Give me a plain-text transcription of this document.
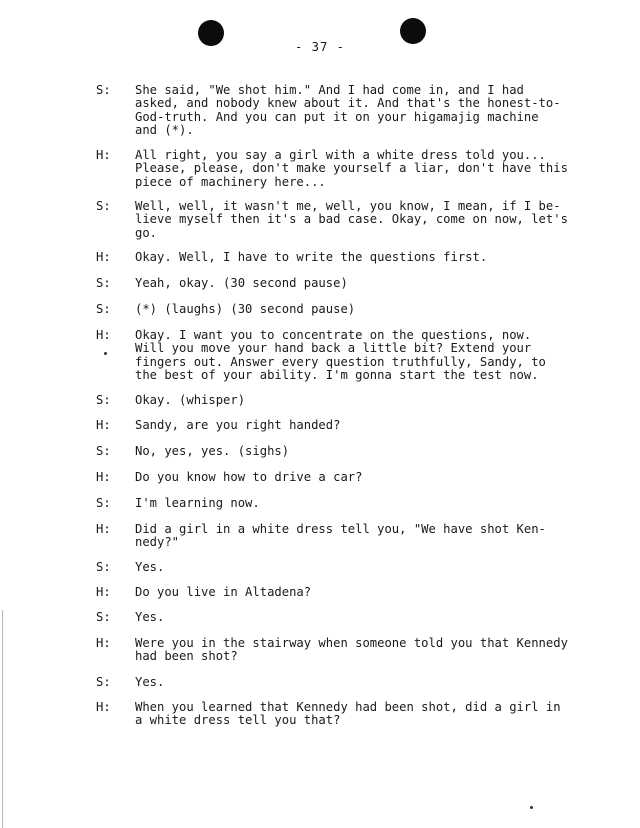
- 37 -
S:	She said, "We shot him." And I had come in, and I had
asked, and nobody knew about it. And that's the honest-to-
God-truth. And you can put it on your higamajig machine
and (*).
H:	All right, you say a girl with a white dress told you...
Please, please, don't make yourself a liar, don't have this
piece of machinery here...
S:	Well, well, it wasn't me, well, you know, I mean, if I be-
lieve myself then it's a bad case. Okay, come on now, let's
go.
H:	Okay. Well, I have to write the questions first.
S:	Yeah, okay. (30 second pause)
S:	(*) (laughs) (30 second pause)
H:	Okay. I want you to concentrate on the questions, now.
Will you move your hand back a little bit? Extend your
fingers out. Answer every question truthfully, Sandy, to
the best of your ability. I'm gonna start the test now.
S:	Okay. (whisper)
H:	Sandy, are you right handed?
S:	No, yes, yes. (sighs)
H:	Do you know how to drive a car?
S:	I'm learning now.
H:	Did a girl in a white dress tell you, "We have shot Ken-
nedy?"
S:	Yes.
H:	Do you live in Altadena?
S:	Yes.
H:	Were you in the stairway when someone told you that Kennedy
had been shot?
S:	Yes.
H:	When you learned that Kennedy had been shot, did a girl in
a white dress tell you that?
